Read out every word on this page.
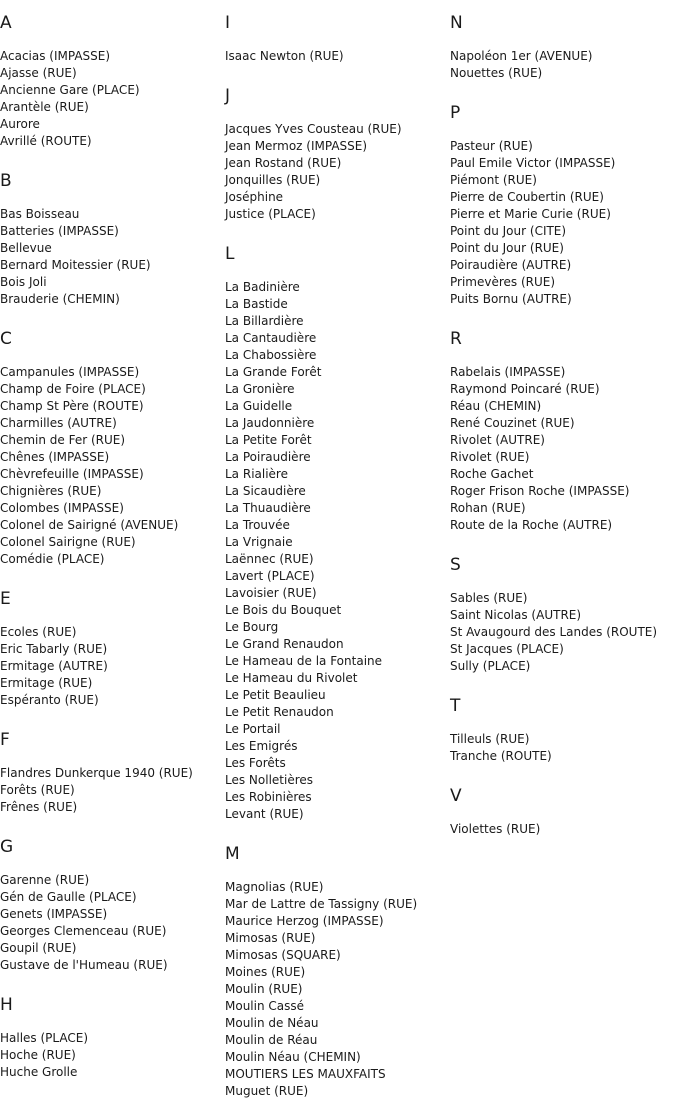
A
Acacias (IMPASSE)
Ajasse (RUE)
Ancienne Gare (PLACE)
Arantèle (RUE)
Aurore
Avrillé (ROUTE)
B
Bas Boisseau
Batteries (IMPASSE)
Bellevue
Bernard Moitessier (RUE)
Bois Joli
Brauderie (CHEMIN)
C
Campanules (IMPASSE)
Champ de Foire (PLACE)
Champ St Père (ROUTE)
Charmilles (AUTRE)
Chemin de Fer (RUE)
Chênes (IMPASSE)
Chèvrefeuille (IMPASSE)
Chignières (RUE)
Colombes (IMPASSE)
Colonel de Sairigné (AVENUE)
Colonel Sairigne (RUE)
Comédie (PLACE)
E
Ecoles (RUE)
Eric Tabarly (RUE)
Ermitage (AUTRE)
Ermitage (RUE)
Espéranto (RUE)
F
Flandres Dunkerque 1940 (RUE)
Forêts (RUE)
Frênes (RUE)
G
Garenne (RUE)
Gén de Gaulle (PLACE)
Genets (IMPASSE)
Georges Clemenceau (RUE)
Goupil (RUE)
Gustave de l'Humeau (RUE)
H
Halles (PLACE)
Hoche (RUE)
Huche Grolle
I
Isaac Newton (RUE)
J
Jacques Yves Cousteau (RUE)
Jean Mermoz (IMPASSE)
Jean Rostand (RUE)
Jonquilles (RUE)
Joséphine
Justice (PLACE)
L
La Badinière
La Bastide
La Billardière
La Cantaudière
La Chabossière
La Grande Forêt
La Gronière
La Guidelle
La Jaudonnière
La Petite Forêt
La Poiraudière
La Rialière
La Sicaudière
La Thuaudière
La Trouvée
La Vrignaie
Laënnec (RUE)
Lavert (PLACE)
Lavoisier (RUE)
Le Bois du Bouquet
Le Bourg
Le Grand Renaudon
Le Hameau de la Fontaine
Le Hameau du Rivolet
Le Petit Beaulieu
Le Petit Renaudon
Le Portail
Les Emigrés
Les Forêts
Les Nolletières
Les Robinières
Levant (RUE)
M
Magnolias (RUE)
Mar de Lattre de Tassigny (RUE)
Maurice Herzog (IMPASSE)
Mimosas (RUE)
Mimosas (SQUARE)
Moines (RUE)
Moulin (RUE)
Moulin Cassé
Moulin de Néau
Moulin de Réau
Moulin Néau (CHEMIN)
MOUTIERS LES MAUXFAITS
Muguet (RUE)
N
Napoléon 1er (AVENUE)
Nouettes (RUE)
P
Pasteur (RUE)
Paul Emile Victor (IMPASSE)
Piémont (RUE)
Pierre de Coubertin (RUE)
Pierre et Marie Curie (RUE)
Point du Jour (CITE)
Point du Jour (RUE)
Poiraudière (AUTRE)
Primevères (RUE)
Puits Bornu (AUTRE)
R
Rabelais (IMPASSE)
Raymond Poincaré (RUE)
Réau (CHEMIN)
René Couzinet (RUE)
Rivolet (AUTRE)
Rivolet (RUE)
Roche Gachet
Roger Frison Roche (IMPASSE)
Rohan (RUE)
Route de la Roche (AUTRE)
S
Sables (RUE)
Saint Nicolas (AUTRE)
St Avaugourd des Landes (ROUTE)
St Jacques (PLACE)
Sully (PLACE)
T
Tilleuls (RUE)
Tranche (ROUTE)
V
Violettes (RUE)
